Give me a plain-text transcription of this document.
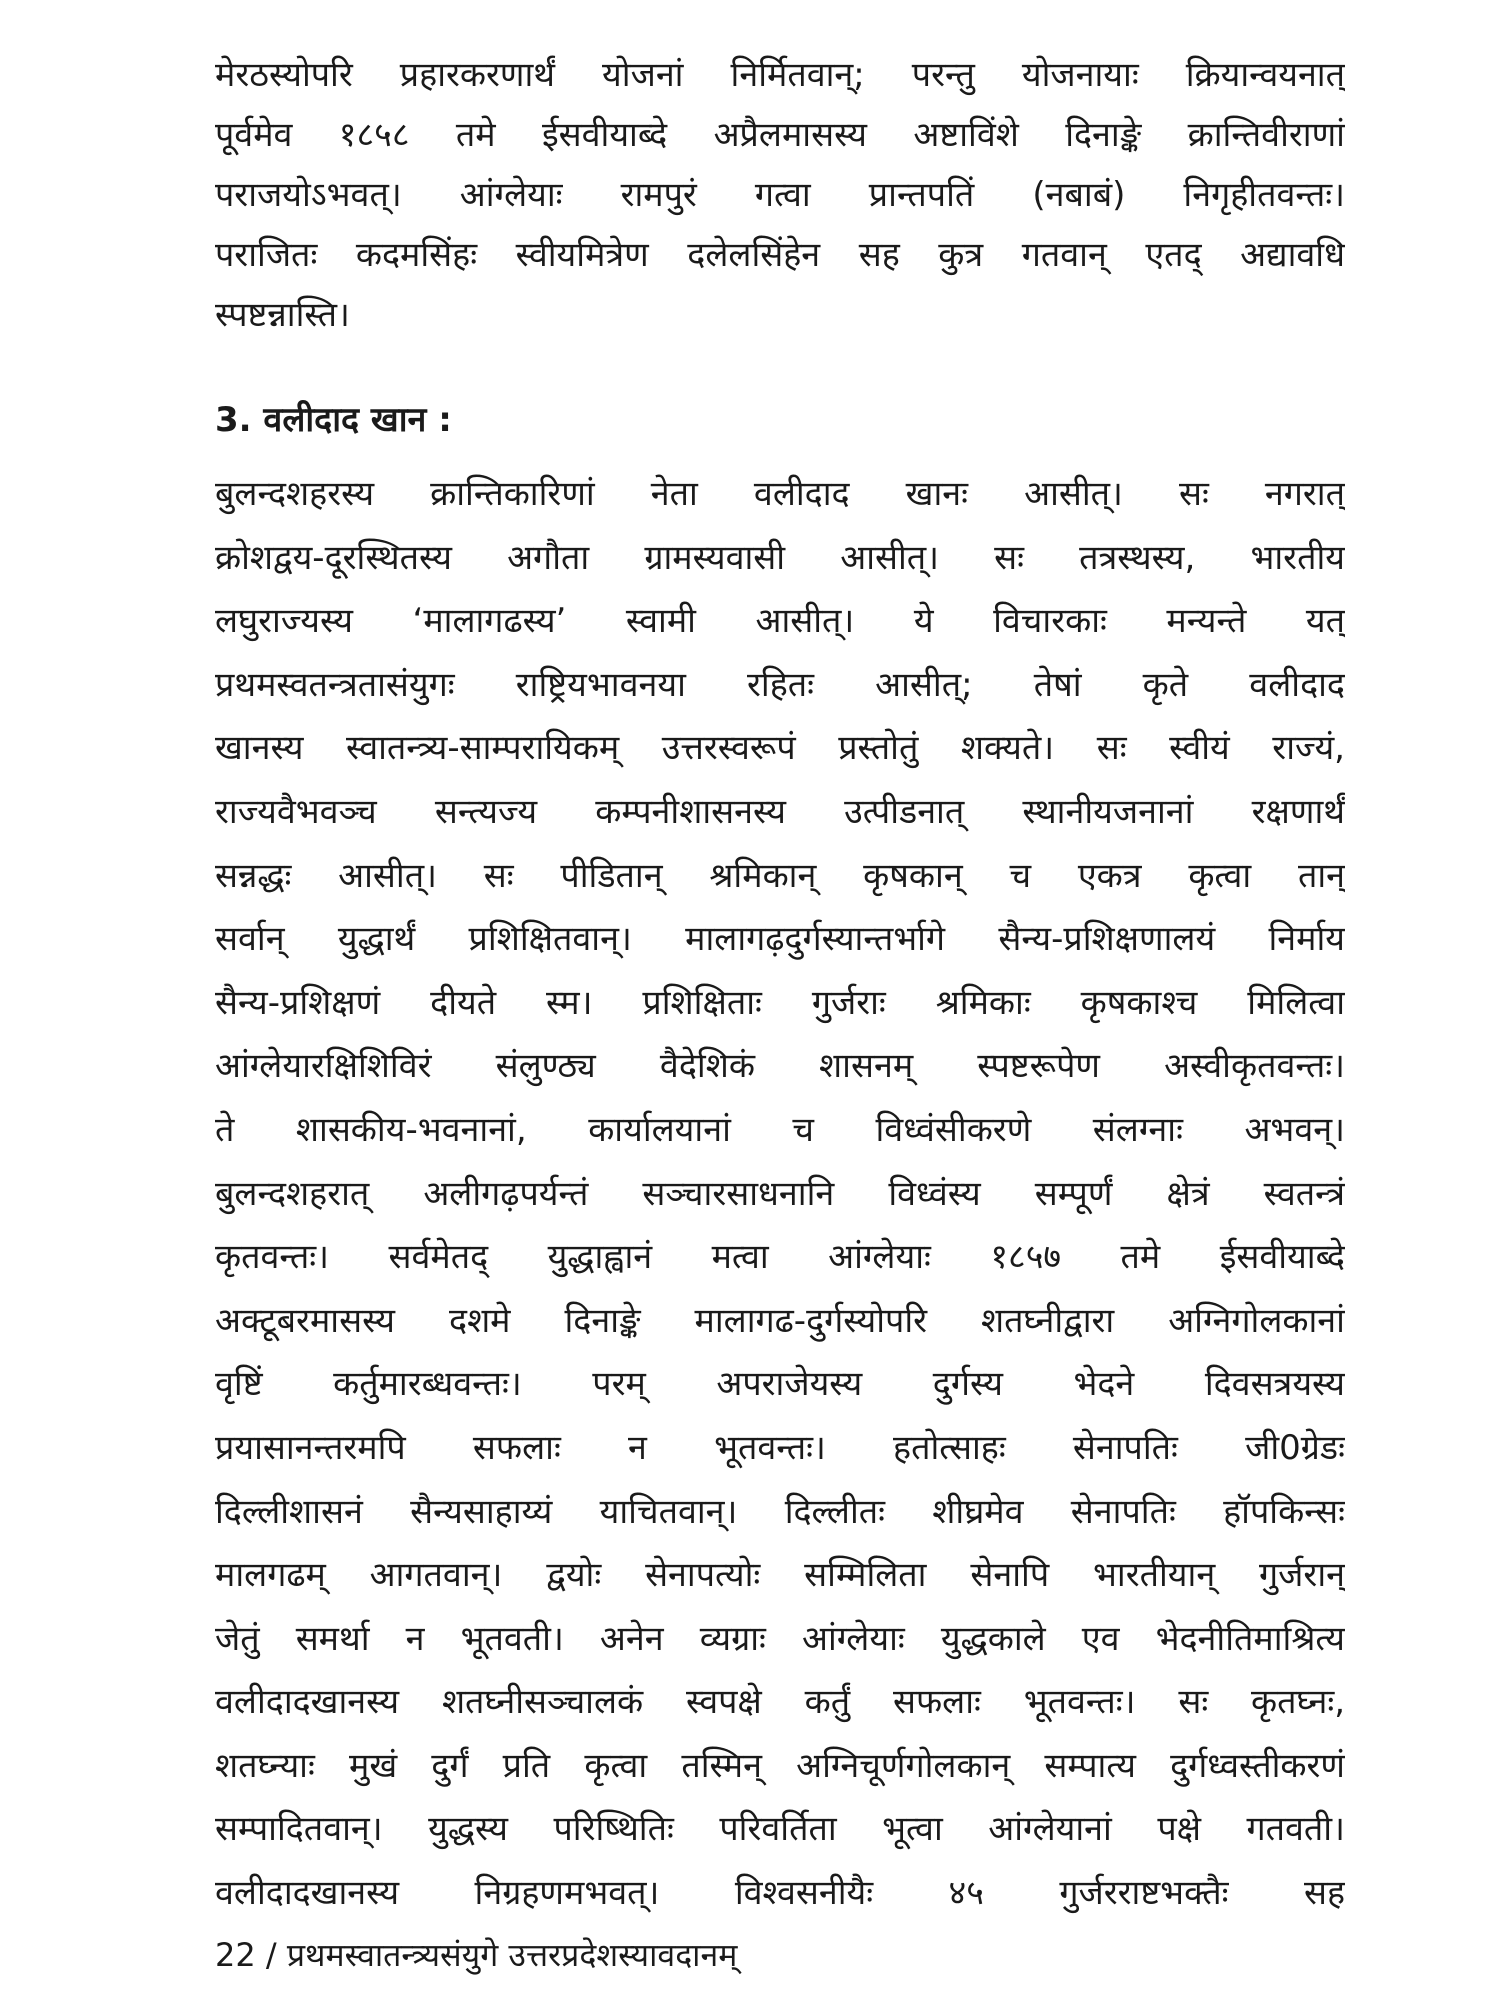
मेरठस्योपरि प्रहारकरणार्थं योजनां निर्मितवान्; परन्तु योजनायाः क्रियान्वयनात्
पूर्वमेव १८५८ तमे ईसवीयाब्दे अप्रैलमासस्य अष्टाविंशे दिनाङ्के क्रान्तिवीराणां
पराजयोऽभवत्। आंग्लेयाः रामपुरं गत्वा प्रान्तपतिं (नबाबं) निगृहीतवन्तः।
पराजितः कदमसिंहः स्वीयमित्रेण दलेलसिंहेन सह कुत्र गतवान् एतद् अद्यावधि
स्पष्टन्नास्ति।
3. वलीदाद खान :
बुलन्दशहरस्य क्रान्तिकारिणां नेता वलीदाद खानः आसीत्। सः नगरात्
क्रोशद्वय-दूरस्थितस्य अगौता ग्रामस्यवासी आसीत्। सः तत्रस्थस्य, भारतीय
लघुराज्यस्य ‘मालागढस्य’ स्वामी आसीत्। ये विचारकाः मन्यन्ते यत्
प्रथमस्वतन्त्रतासंयुगः राष्ट्रियभावनया रहितः आसीत्; तेषां कृते वलीदाद
खानस्य स्वातन्त्र्य-साम्परायिकम् उत्तरस्वरूपं प्रस्तोतुं शक्यते। सः स्वीयं राज्यं,
राज्यवैभवञ्च सन्त्यज्य कम्पनीशासनस्य उत्पीडनात् स्थानीयजनानां रक्षणार्थं
सन्नद्धः आसीत्। सः पीडितान् श्रमिकान् कृषकान् च एकत्र कृत्वा तान्
सर्वान् युद्धार्थं प्रशिक्षितवान्। मालागढ़दुर्गस्यान्तर्भागे सैन्य-प्रशिक्षणालयं निर्माय
सैन्य-प्रशिक्षणं दीयते स्म। प्रशिक्षिताः गुर्जराः श्रमिकाः कृषकाश्च मिलित्वा
आंग्लेयारक्षिशिविरं संलुण्ठ्य वैदेशिकं शासनम् स्पष्टरूपेण अस्वीकृतवन्तः।
ते शासकीय-भवनानां, कार्यालयानां च विध्वंसीकरणे संलग्नाः अभवन्।
बुलन्दशहरात् अलीगढ़पर्यन्तं सञ्चारसाधनानि विध्वंस्य सम्पूर्णं क्षेत्रं स्वतन्त्रं
कृतवन्तः। सर्वमेतद् युद्धाह्वानं मत्वा आंग्लेयाः १८५७ तमे ईसवीयाब्दे
अक्टूबरमासस्य दशमे दिनाङ्के मालागढ-दुर्गस्योपरि शतघ्नीद्वारा अग्निगोलकानां
वृष्टिं कर्तुमारब्धवन्तः। परम् अपराजेयस्य दुर्गस्य भेदने दिवसत्रयस्य
प्रयासानन्तरमपि सफलाः न भूतवन्तः। हतोत्साहः सेनापतिः जी0ग्रेडः
दिल्लीशासनं सैन्यसाहाय्यं याचितवान्। दिल्लीतः शीघ्रमेव सेनापतिः हॉपकिन्सः
मालगढम् आगतवान्। द्वयोः सेनापत्योः सम्मिलिता सेनापि भारतीयान् गुर्जरान्
जेतुं समर्था न भूतवती। अनेन व्यग्राः आंग्लेयाः युद्धकाले एव भेदनीतिमाश्रित्य
वलीदादखानस्य शतघ्नीसञ्चालकं स्वपक्षे कर्तुं सफलाः भूतवन्तः। सः कृतघ्नः,
शतघ्न्याः मुखं दुर्गं प्रति कृत्वा तस्मिन् अग्निचूर्णगोलकान् सम्पात्य दुर्गध्वस्तीकरणं
सम्पादितवान्। युद्धस्य परिष्थितिः परिवर्तिता भूत्वा आंग्लेयानां पक्षे गतवती।
वलीदादखानस्य निग्रहणमभवत्। विश्वसनीयैः ४५ गुर्जरराष्टभक्तैः सह
22 / प्रथमस्वातन्त्र्यसंयुगे उत्तरप्रदेशस्यावदानम्
